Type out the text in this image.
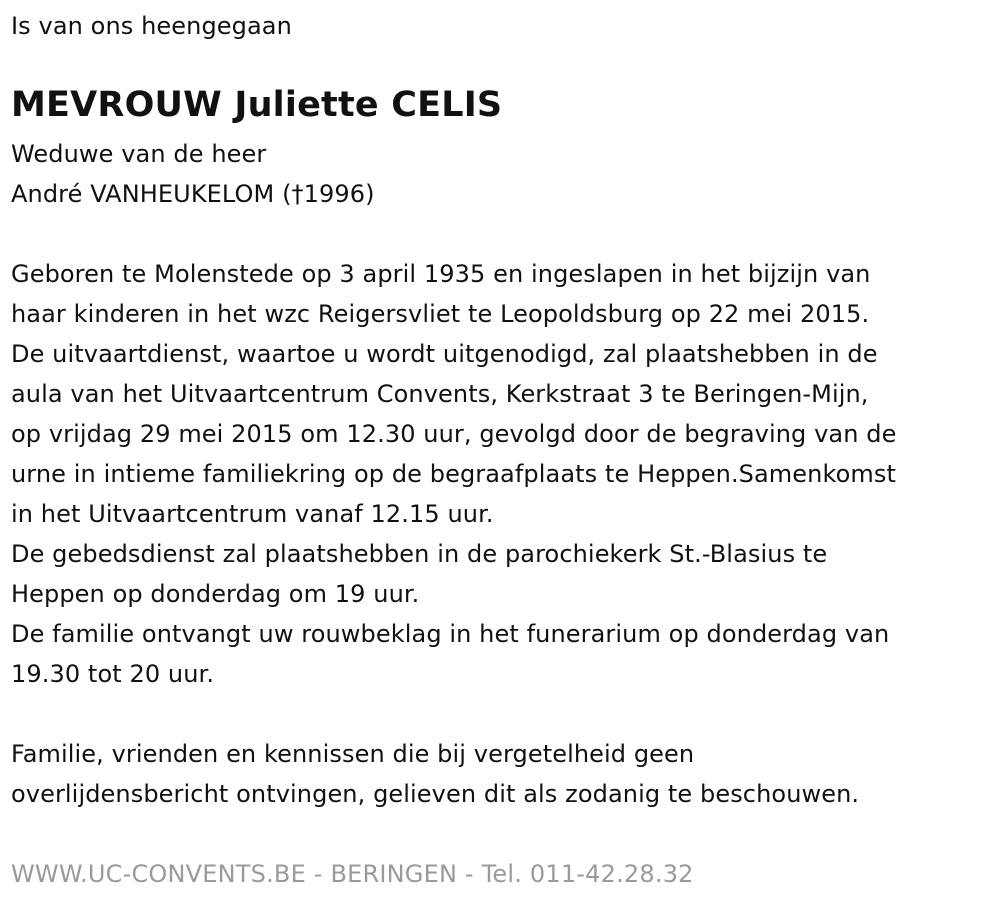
Is van ons heengegaan
MEVROUW Juliette CELIS
Weduwe van de heer
André VANHEUKELOM (†1996)
Geboren te Molenstede op 3 april 1935 en ingeslapen in het bijzijn van
haar kinderen in het wzc Reigersvliet te Leopoldsburg op 22 mei 2015.
De uitvaartdienst, waartoe u wordt uitgenodigd, zal plaatshebben in de
aula van het Uitvaartcentrum Convents, Kerkstraat 3 te Beringen-Mijn,
op vrijdag 29 mei 2015 om 12.30 uur, gevolgd door de begraving van de
urne in intieme familiekring op de begraafplaats te Heppen.Samenkomst
in het Uitvaartcentrum vanaf 12.15 uur.
De gebedsdienst zal plaatshebben in de parochiekerk St.-Blasius te
Heppen op donderdag om 19 uur.
De familie ontvangt uw rouwbeklag in het funerarium op donderdag van
19.30 tot 20 uur.
Familie, vrienden en kennissen die bij vergetelheid geen
overlijdensbericht ontvingen, gelieven dit als zodanig te beschouwen.
WWW.UC-CONVENTS.BE - BERINGEN - Tel. 011-42.28.32
